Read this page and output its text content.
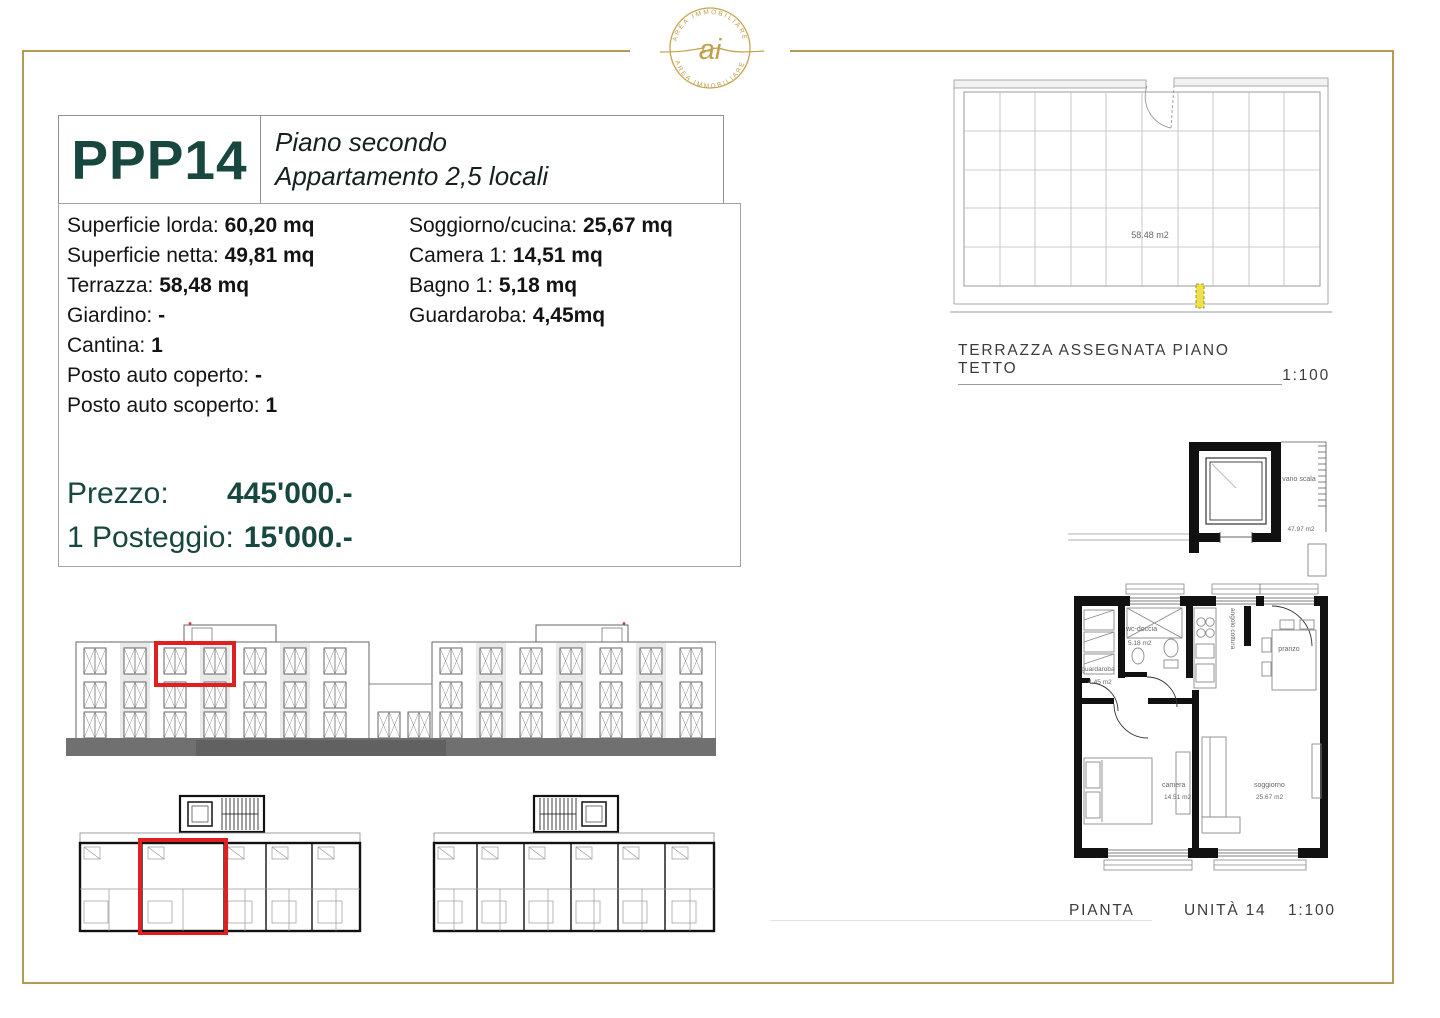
AREA IMMOBILIARE
AREA IMMOBILIARE
ai
PPP14 Piano secondo
Appartamento 2,5 locali
Superficie lorda: 60,20 mq
Superficie netta: 49,81 mq
Terrazza: 58,48 mq
Giardino: -
Cantina: 1
Posto auto coperto: -
Posto auto scoperto: 1
Soggiorno/cucina: 25,67 mq
Camera 1: 14,51 mq
Bagno 1: 5,18 mq
Guardaroba: 4,45mq
Prezzo:	445'000.-
1 Posteggio: 15'000.-
58.48 m2
TERRAZZA ASSEGNATA PIANO TETTO	1:100
vano scala
47.97 m2
guardaroba
4.45 m2
wc-doccia
5.18 m2	angolo cottura
pranzo
camera
14.51 m2
soggiorno
25.67 m2
PIANTA	UNITÀ 14 1:100
